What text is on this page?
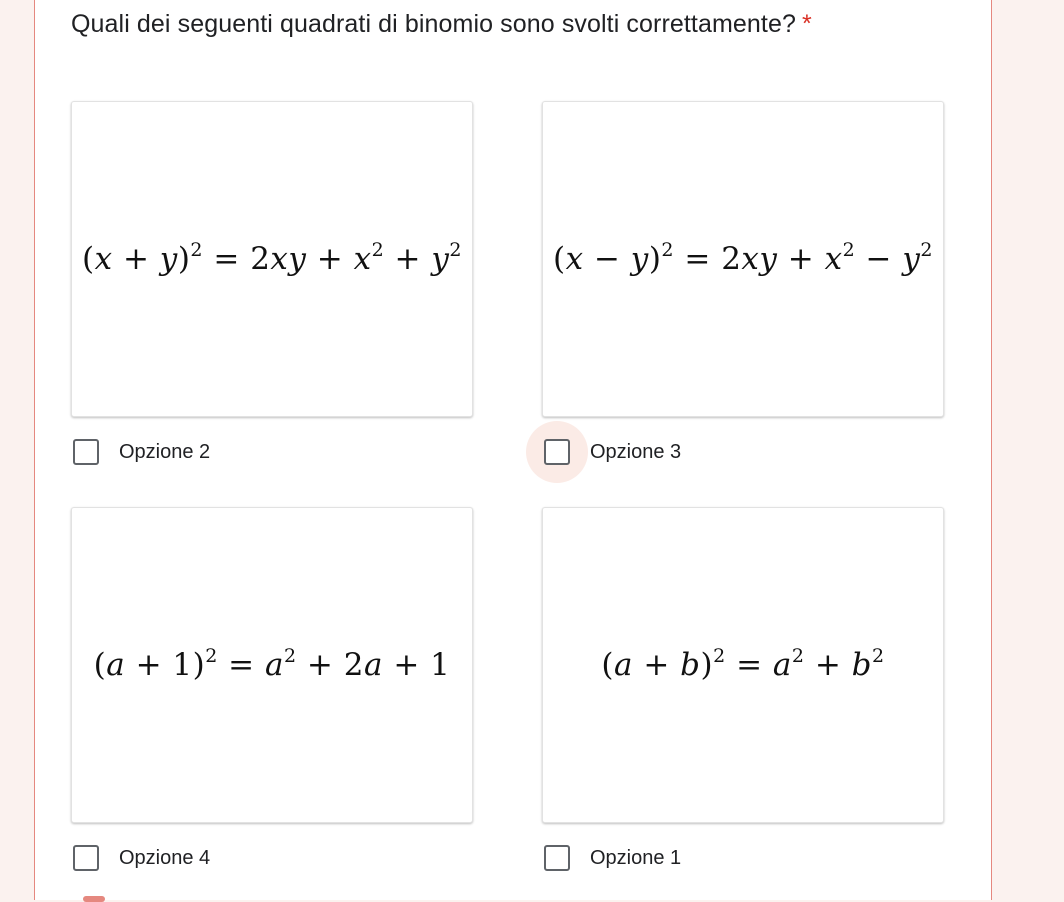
Quali dei seguenti quadrati di binomio sono svolti correttamente? *
$(x + y)^2 = 2xy + x^2 + y^2$	$(x - y)^2 = 2xy + x^2 - y^2$
Opzione 2	Opzione 3
$(a + 1)^2 = a^2 + 2a + 1$	$(a + b)^2 = a^2 + b^2$
Opzione 4	Opzione 1
